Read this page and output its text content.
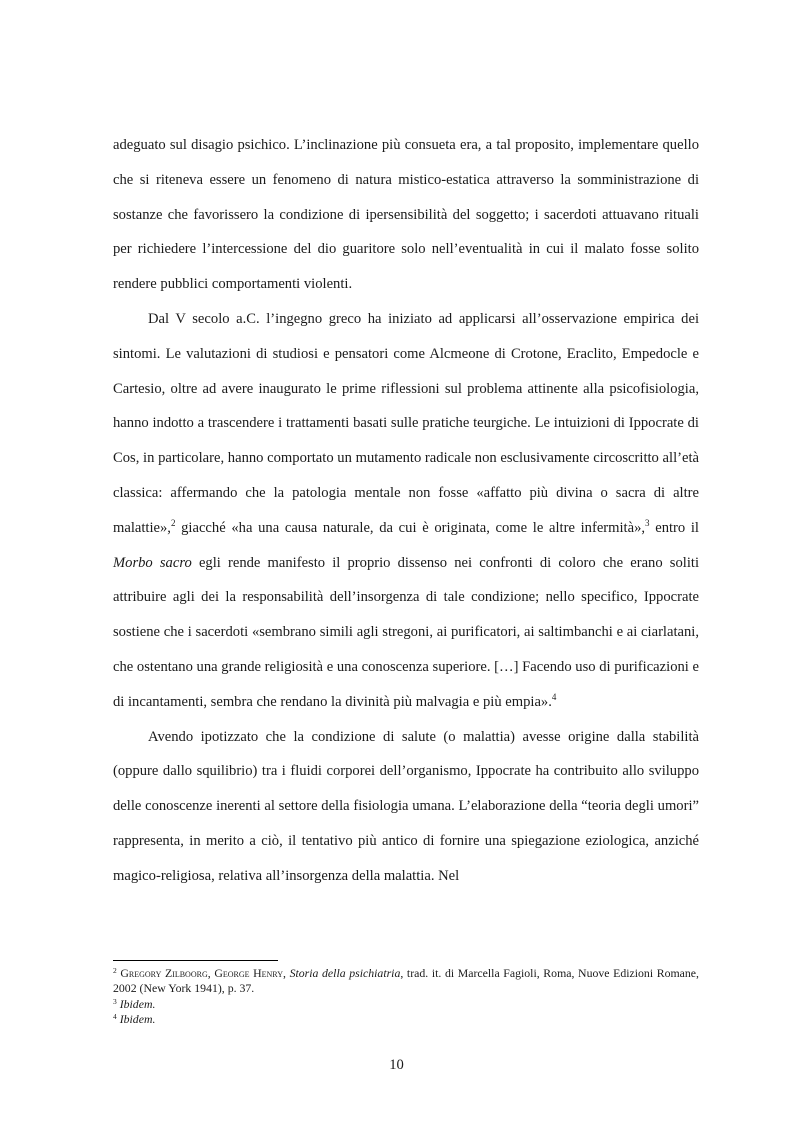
adeguato sul disagio psichico. L’inclinazione più consueta era, a tal proposito, implementare quello che si riteneva essere un fenomeno di natura mistico-estatica attraverso la somministrazione di sostanze che favorissero la condizione di ipersensibilità del soggetto; i sacerdoti attuavano rituali per richiedere l’intercessione del dio guaritore solo nell’eventualità in cui il malato fosse solito rendere pubblici comportamenti violenti.

Dal V secolo a.C. l’ingegno greco ha iniziato ad applicarsi all’osservazione empirica dei sintomi. Le valutazioni di studiosi e pensatori come Alcmeone di Crotone, Eraclito, Empedocle e Cartesio, oltre ad avere inaugurato le prime riflessioni sul problema attinente alla psicofisiologia, hanno indotto a trascendere i trattamenti basati sulle pratiche teurgiche. Le intuizioni di Ippocrate di Cos, in particolare, hanno comportato un mutamento radicale non esclusivamente circoscritto all’età classica: affermando che la patologia mentale non fosse «affatto più divina o sacra di altre malattie»,$^2$ giacché «ha una causa naturale, da cui è originata, come le altre infermità»,$^3$ entro il Morbo sacro egli rende manifesto il proprio dissenso nei confronti di coloro che erano soliti attribuire agli dei la responsabilità dell’insorgenza di tale condizione; nello specifico, Ippocrate sostiene che i sacerdoti «sembrano simili agli stregoni, ai purificatori, ai saltimbanchi e ai ciarlatani, che ostentano una grande religiosità e una conoscenza superiore. […] Facendo uso di purificazioni e di incantamenti, sembra che rendano la divinità più malvagia e più empia».$^4$

Avendo ipotizzato che la condizione di salute (o malattia) avesse origine dalla stabilità (oppure dallo squilibrio) tra i fluidi corporei dell’organismo, Ippocrate ha contribuito allo sviluppo delle conoscenze inerenti al settore della fisiologia umana. L’elaborazione della “teoria degli umori” rappresenta, in merito a ciò, il tentativo più antico di fornire una spiegazione eziologica, anziché magico-religiosa, relativa all’insorgenza della malattia. Nel

$^2$ Gregory Zilboorg, George Henry, Storia della psichiatria, trad. it. di Marcella Fagioli, Roma, Nuove Edizioni Romane, 2002 (New York 1941), p. 37.

$^3$ Ibidem.

$^4$ Ibidem.

10
